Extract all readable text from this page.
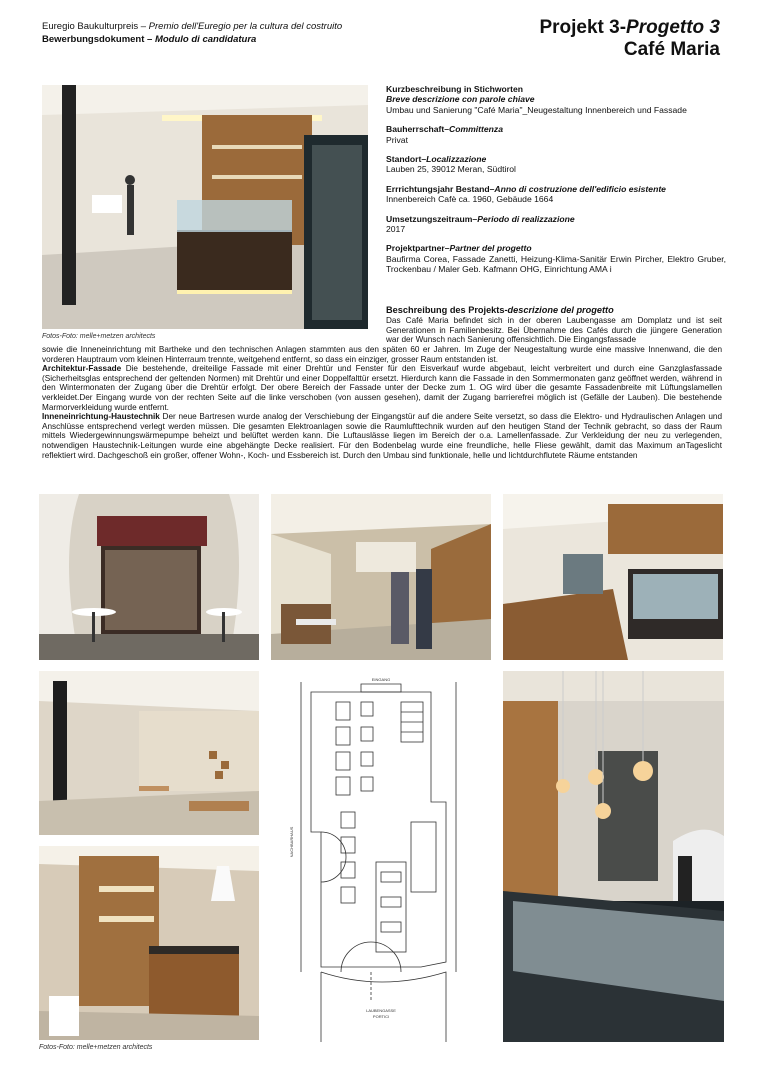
Euregio Baukulturpreis – Premio dell'Euregio per la cultura del costruito
Bewerbungsdokument – Modulo di candidatura
Projekt 3-Progetto 3
Café Maria
Fotos-Foto: melle+metzen architects
Kurzbeschreibung in Stichworten
Breve descrizione con parole chiave
Umbau und Sanierung "Café Maria"_Neugestaltung Innenbereich und Fassade
Bauherrschaft–Committenza
Privat
Standort–Localizzazione
Lauben 25, 39012 Meran, Südtirol
Errrichtungsjahr Bestand–Anno di costruzione dell'edificio esistente
Innenbereich Cafè ca. 1960, Gebäude 1664
Umsetzungszeitraum–Periodo di realizzazione
2017
Projektpartner–Partner del progetto
Baufirma Corea, Fassade Zanetti, Heizung-Klima-Sanitär Erwin Pircher, Elektro Gruber, Trockenbau / Maler Geb. Kafmann OHG, Einrichtung AMA i
Beschreibung des Projekts-descrizione del progetto
Das Café Maria befindet sich in der oberen Laubengasse am Domplatz und ist seit Generationen in Familienbesitz. Bei Übernahme des Cafés durch die jüngere Generation war der Wunsch nach Sanierung offensichtlich. Die Eingangsfassade

sowie die Inneneinrichtung mit Bartheke und den technischen Anlagen stammten aus den späten 60 er Jahren. Im Zuge der Neugestaltung wurde eine massive Innenwand, die den vorderen Hauptraum vom kleinen Hinterraum trennte, weitgehend entfernt, so dass ein einziger, grosser Raum entstanden ist.

Architektur-Fassade Die bestehende, dreiteilige Fassade mit einer Drehtür und Fenster für den Eisverkauf wurde abgebaut, leicht verbreitert und durch eine Ganzglasfassade (Sicherheitsglas entsprechend der geltenden Normen) mit Drehtür und einer Doppelfalttür ersetzt. Hierdurch kann die Fassade in den Sommermonaten ganz geöffnet werden, während in den Wintermonaten der Zugang über die Drehtür erfolgt. Der obere Bereich der Fassade unter der Decke zum 1. OG wird über die gesamte Fassadenbreite mit Lüftungslamellen verkleidet.Der Eingang wurde von der rechten Seite auf die linke verschoben (von aussen gesehen), damit der Zugang barrierefrei möglich ist (Gefälle der Lauben). Die bestehende Marmorverkleidung wurde entfernt.

Inneneinrichtung-Haustechnik Der neue Bartresen wurde analog der Verschiebung der Eingangstür auf die andere Seite versetzt, so dass die Elektro- und Hydraulischen Anlagen und Anschlüsse entsprechend verlegt werden müssen. Die gesamten Elektroanlagen sowie die Raumlufttechnik wurden auf den heutigen Stand der Technik gebracht, so dass der Raum mittels Wiedergewinnungswärmepumpe beheizt und belüftet werden kann. Die Luftauslässe liegen im Bereich der o.a. Lamellenfassade. Zur Verkleidung der neu zu verlegenden, notwendigen Haustechnik-Leitungen wurde eine abgehängte Decke realisiert. Für den Bodenbelag wurde eine freundliche, helle Fliese gewählt, damit das Maximum anTageslicht reflektiert wird. Dachgeschoß ein großer, offener Wohn-, Koch- und Essbereich ist. Durch den Umbau sind funktionale, helle und lichtdurchflutete Räume entstanden

Fotos-Foto: melle+metzen architects
EINGANG
LAUBENGASSE
PORTICI
NACHBARHAUS
